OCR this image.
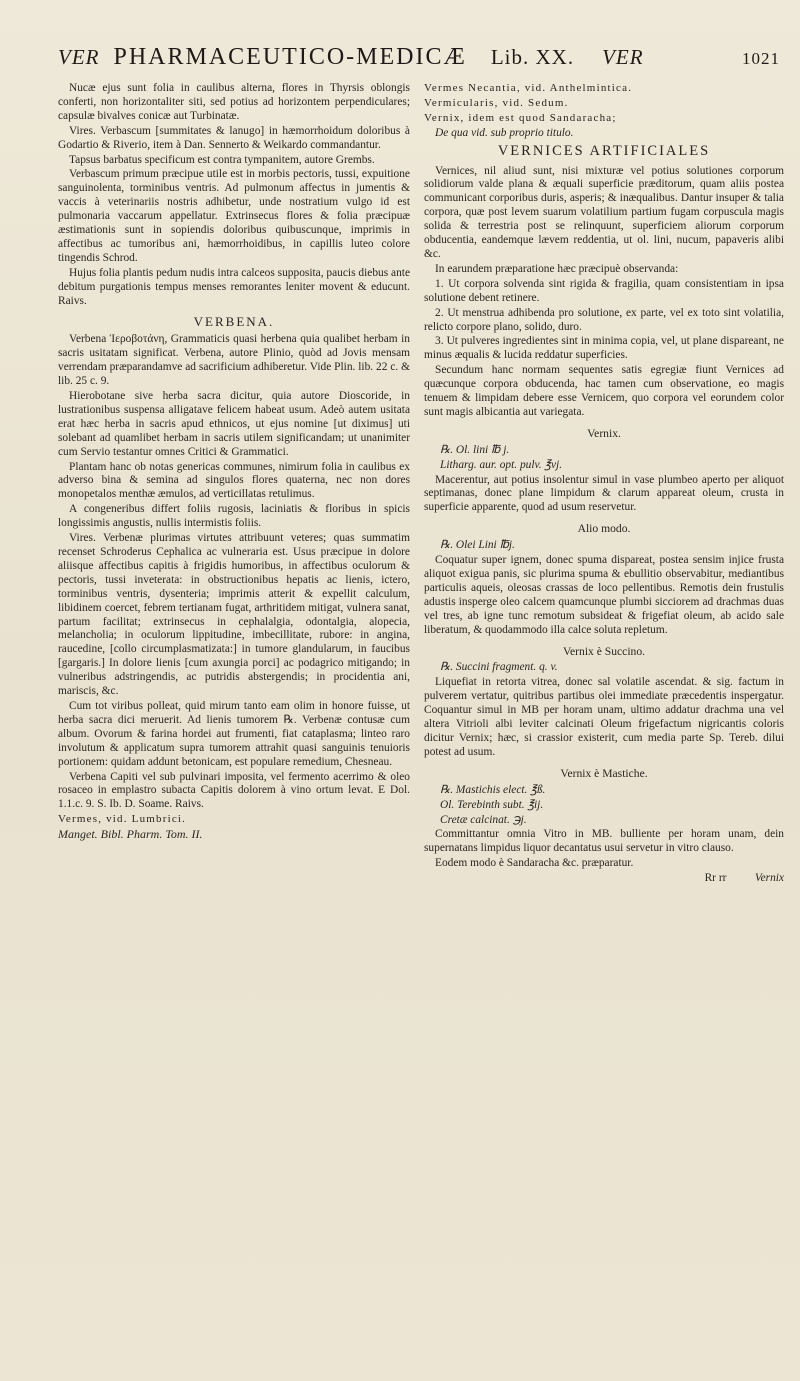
VER PHARMACEUTICO-MEDICÆ Lib. XX. VER	1021

Nucæ ejus sunt folia in caulibus alterna, flores in Thyrsis oblongis conferti, non horizontaliter siti, sed potius ad horizontem perpendiculares; capsulæ bivalves conicæ aut Turbinatæ.

Vires. Verbascum [summitates & lanugo] in hæmorrhoidum doloribus à Godartio & Riverio, item à Dan. Sennerto & Weikardo commandantur.

Tapsus barbatus specificum est contra tympanitem, autore Grembs.

Verbascum primum præcipue utile est in morbis pectoris, tussi, expuitione sanguinolenta, torminibus ventris. Ad pulmonum affectus in jumentis & vaccis à veterinariis nostris adhibetur, unde nostratium vulgo id est pulmonaria vaccarum appellatur. Extrinsecus flores & folia præcipuæ æstimationis sunt in sopiendis doloribus quibuscunque, imprimis in affectibus ac tumoribus ani, hæmorrhoidibus, in capillis luteo colore tingendis Schrod.

Hujus folia plantis pedum nudis intra calceos supposita, paucis diebus ante debitum purgationis tempus menses remorantes leniter movent & educunt. Raivs.

VERBENA.

Verbena Ἱεροβοτάνη, Grammaticis quasi herbena quia qualibet herbam in sacris usitatam significat. Verbena, autore Plinio, quòd ad Jovis mensam verrendam præparandamve ad sacrificium adhiberetur. Vide Plin. lib. 22 c. & lib. 25 c. 9.

Hierobotane sive herba sacra dicitur, quia autore Dioscoride, in lustrationibus suspensa alligatave felicem habeat usum. Adeò autem usitata erat hæc herba in sacris apud ethnicos, ut ejus nomine [ut diximus] uti solebant ad quamlibet herbam in sacris utilem significandam; ut unanimiter cum Servio testantur omnes Critici & Grammatici.

Plantam hanc ob notas genericas communes, nimirum folia in caulibus ex adverso bina & semina ad singulos flores quaterna, nec non dores monopetalos menthæ æmulos, ad verticillatas retulimus.

A congeneribus differt foliis rugosis, laciniatis & floribus in spicis longissimis angustis, nullis intermistis foliis.

Vires. Verbenæ plurimas virtutes attribuunt veteres; quas summatim recenset Schroderus Cephalica ac vulneraria est. Usus præcipue in dolore aliisque affectibus capitis à frigidis humoribus, in affectibus oculorum & pectoris, tussi inveterata: in obstructionibus hepatis ac lienis, ictero, torminibus ventris, dysenteria; imprimis atterit & expellit calculum, libidinem coercet, febrem tertianam fugat, arthritidem mitigat, vulnera sanat, partum facilitat; extrinsecus in cephalalgia, odontalgia, alopecia, melancholia; in oculorum lippitudine, imbecillitate, rubore: in angina, raucedine, [collo circumplasmatizata:] in tumore glandularum, in faucibus [gargaris.] In dolore lienis [cum axungia porci] ac podagrico mitigando; in vulneribus adstringendis, ac putridis abstergendis; in procidentia ani, mariscis, &c.

Cum tot viribus polleat, quid mirum tanto eam olim in honore fuisse, ut herba sacra dici meruerit. Ad lienis tumorem ℞. Verbenæ contusæ cum album. Ovorum & farina hordei aut frumenti, fiat cataplasma; linteo raro involutum & applicatum supra tumorem attrahit quasi sanguinis tenuioris portionem: quidam addunt betonicam, est populare remedium, Chesneau.

Verbena Capiti vel sub pulvinari imposita, vel fermento acerrimo & oleo rosaceo in emplastro subacta Capitis dolorem à vino ortum levat. E Dol. 1.1.c. 9. S. Ib. D. Soame. Raivs.

Vermes, vid. Lumbrici.

Manget. Bibl. Pharm. Tom. II.

Vermes Necantia, vid. Anthelmintica.

Vermicularis, vid. Sedum.

Vernix, idem est quod Sandaracha;

De qua vid. sub proprio titulo.

VERNICES ARTIFICIALES

Vernices, nil aliud sunt, nisi mixturæ vel potius solutiones corporum solidiorum valde plana & æquali superficie præditorum, quam aliis postea communicant corporibus duris, asperis; & inæqualibus. Dantur insuper & talia corpora, quæ post levem suarum volatilium partium fugam corpuscula magis solida & terrestria post se relinquunt, superficiem aliorum corporum obducentia, eandemque lævem reddentia, ut ol. lini, nucum, papaveris alibi &c.

In earundem præparatione hæc præcipuè observanda:

1. Ut corpora solvenda sint rigida & fragilia, quam consistentiam in ipsa solutione debent retinere.

2. Ut menstrua adhibenda pro solutione, ex parte, vel ex toto sint volatilia, relicto corpore plano, solido, duro.

3. Ut pulveres ingredientes sint in minima copia, vel, ut plane dispareant, ne minus æqualis & lucida reddatur superficies.

Secundum hanc normam sequentes satis egregiæ fiunt Vernices ad quæcunque corpora obducenda, hac tamen cum observatione, eo magis tenuem & limpidam debere esse Vernicem, quo corpora vel eorundem color sunt magis albicantia aut variegata.

Vernix.
℞. Ol. lini ℔ j.
Litharg. aur. opt. pulv. ℥vj.

Macerentur, aut potius insolentur simul in vase plumbeo aperto per aliquot septimanas, donec plane limpidum & clarum appareat oleum, crusta in superficie apparente, quod ad usum reservetur.

Alio modo.
℞. Olei Lini ℔j.

Coquatur super ignem, donec spuma dispareat, postea sensim injice frusta aliquot exigua panis, sic plurima spuma & ebullitio observabitur, mediantibus particulis aqueis, oleosas crassas de loco pellentibus. Remotis dein frustulis adustis insperge oleo calcem quamcunque plumbi sicciorem ad drachmas duas vel tres, ab igne tunc remotum subsideat & frigefiat oleum, ab acido sale liberatum, & quodammodo illa calce soluta repletum.

Vernix è Succino.
℞. Succini fragment. q. v.

Liquefiat in retorta vitrea, donec sal volatile ascendat. & sig. factum in pulverem vertatur, quitribus partibus olei immediate præcedentis inspergatur. Coquantur simul in MB per horam unam, ultimo addatur drachma una vel altera Vitrioli albi leviter calcinati Oleum frigefactum nigricantis coloris dicitur Vernix; hæc, si crassior existerit, cum media parte Sp. Tereb. dilui potest ad usum.

Vernix è Mastiche.
℞. Mastichis elect. ℥ß.
Ol. Terebinth subt. ℥ij.
Cretæ calcinat. ℈j.

Committantur omnia Vitro in MB. bulliente per horam unam, dein supernatans limpidus liquor decantatus usui servetur in vitro clauso.

Eodem modo è Sandaracha &c. præparatur.

Rr rr Vernix
